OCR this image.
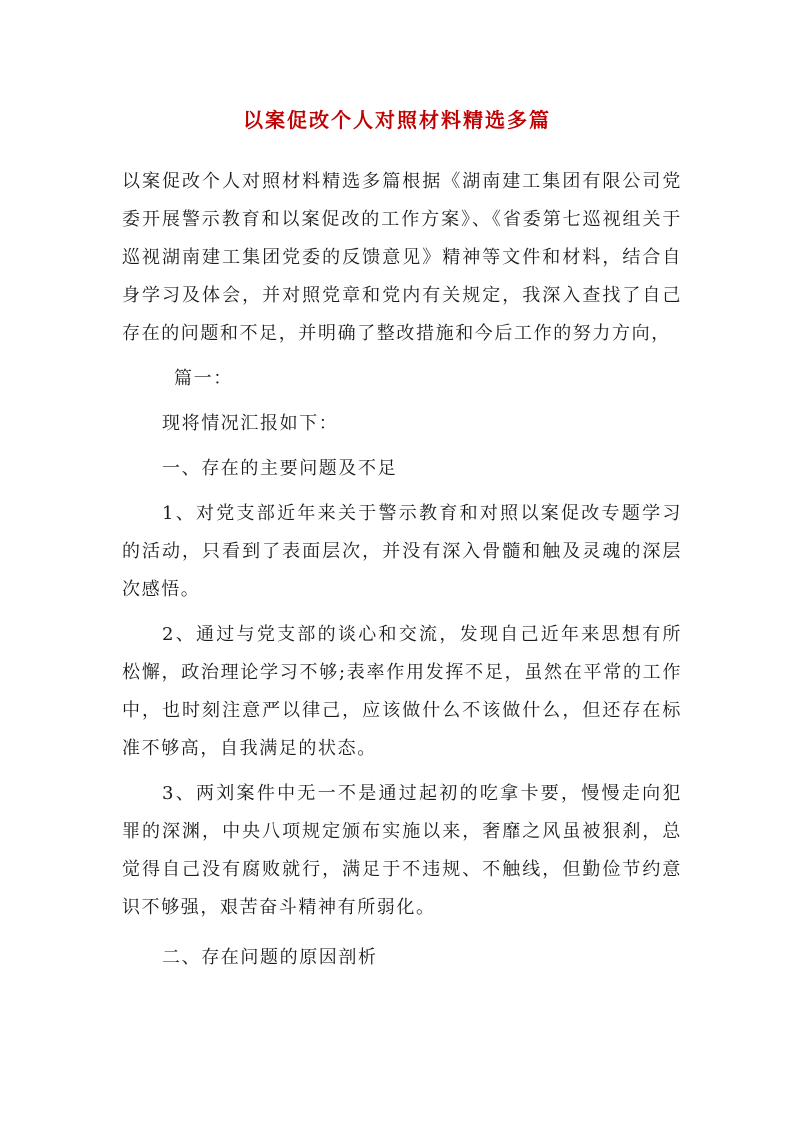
以案促改个人对照材料精选多篇

以案促改个人对照材料精选多篇根据《湖南建工集团有限公司党委开展警示教育和以案促改的工作方案》、《省委第七巡视组关于巡视湖南建工集团党委的反馈意见》精神等文件和材料，结合自身学习及体会，并对照党章和党内有关规定，我深入查找了自己存在的问题和不足，并明确了整改措施和今后工作的努力方向，

篇一：

现将情况汇报如下：

一、存在的主要问题及不足

1、对党支部近年来关于警示教育和对照以案促改专题学习的活动，只看到了表面层次，并没有深入骨髓和触及灵魂的深层次感悟。

2、通过与党支部的谈心和交流，发现自己近年来思想有所松懈，政治理论学习不够;表率作用发挥不足，虽然在平常的工作中，也时刻注意严以律己，应该做什么不该做什么，但还存在标准不够高，自我满足的状态。

3、两刘案件中无一不是通过起初的吃拿卡要，慢慢走向犯罪的深渊，中央八项规定颁布实施以来，奢靡之风虽被狠刹，总觉得自己没有腐败就行，满足于不违规、不触线，但勤俭节约意识不够强，艰苦奋斗精神有所弱化。

二、存在问题的原因剖析
